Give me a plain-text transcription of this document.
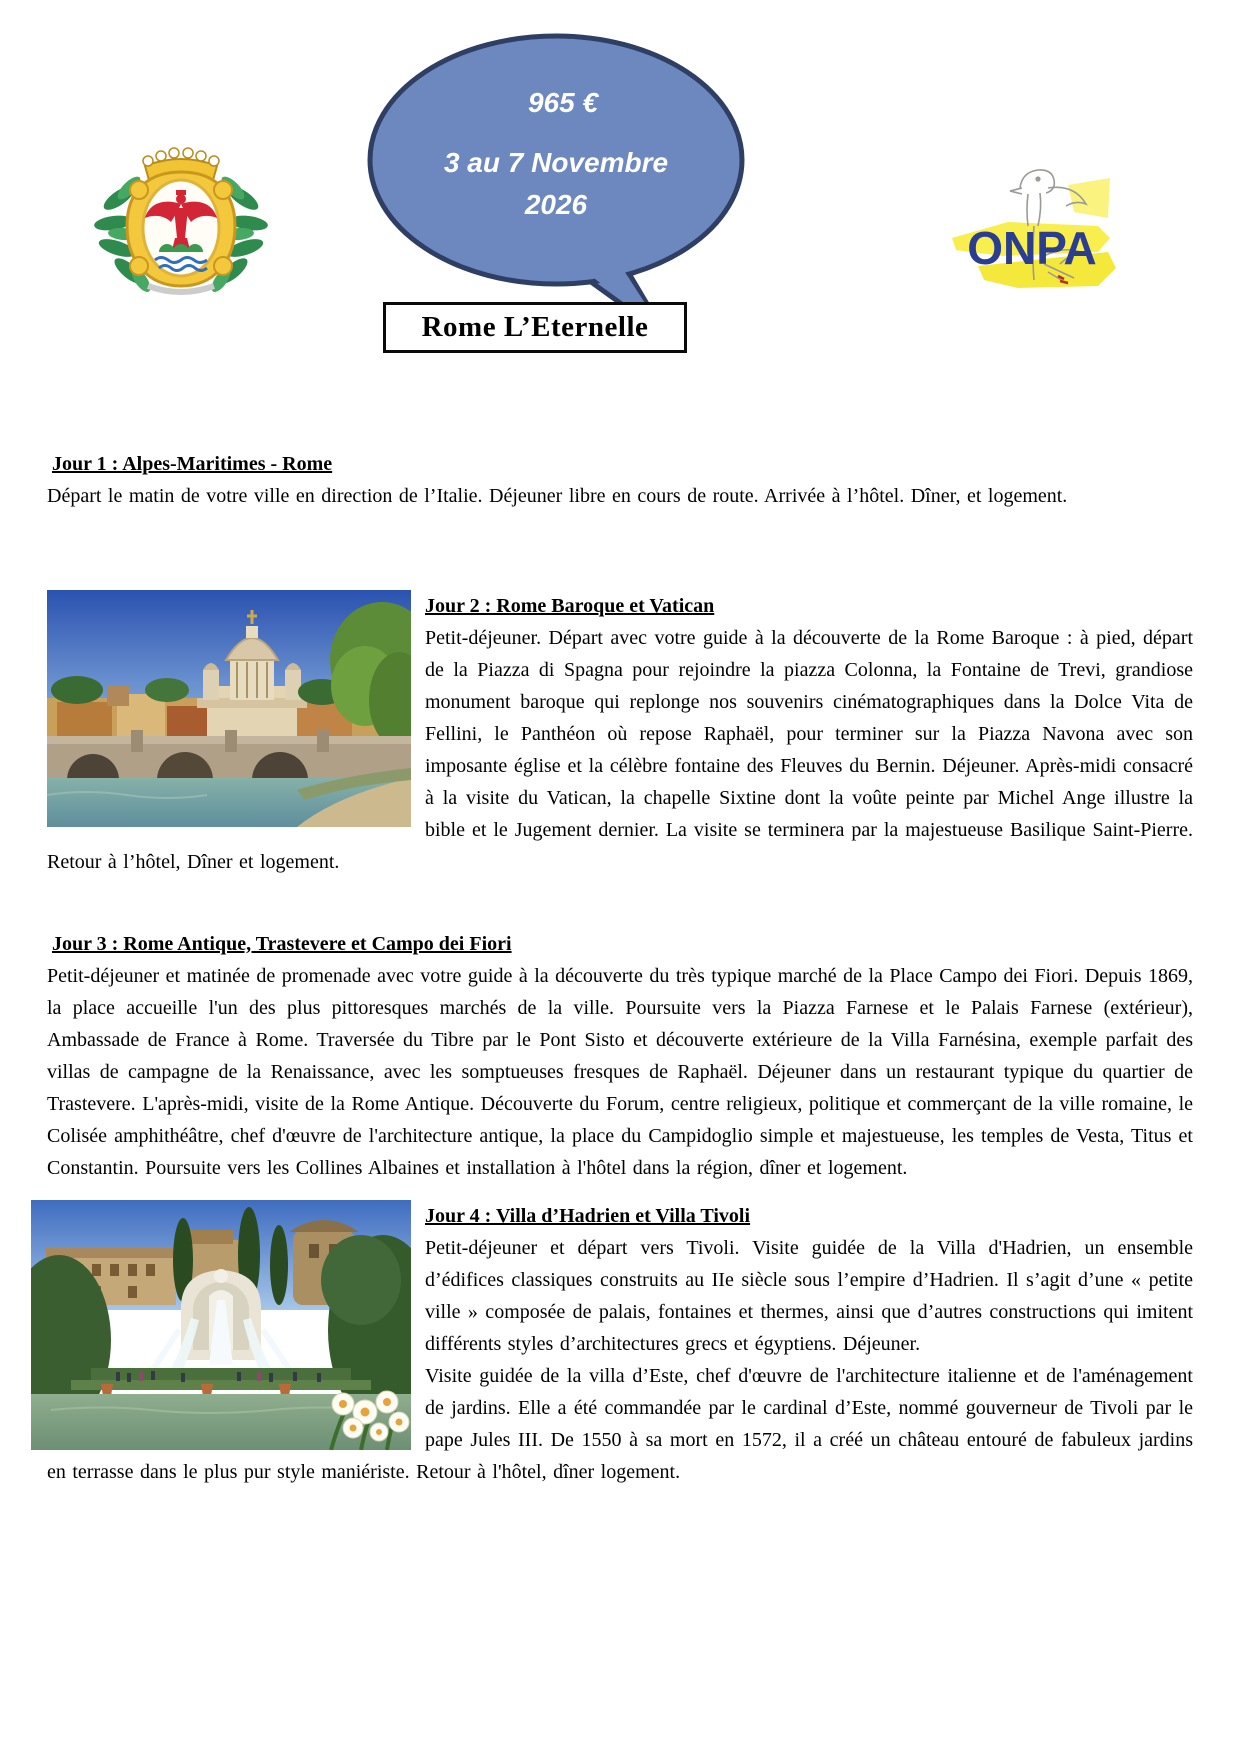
965 €
3 au 7 Novembre
2026
ONPA
Rome L’Eternelle
Jour 1 : Alpes-Maritimes - Rome

Départ le matin de votre ville en direction de l’Italie. Déjeuner libre en cours de route. Arrivée à l’hôtel. Dîner, et logement.

Jour 2 : Rome Baroque et Vatican

Petit-déjeuner. Départ avec votre guide à la découverte de la Rome Baroque : à pied, départ de la Piazza di Spagna pour rejoindre la piazza Colonna, la Fontaine de Trevi, grandiose monument baroque qui replonge nos souvenirs cinématographiques dans la Dolce Vita de Fellini, le Panthéon où repose Raphaël, pour terminer sur la Piazza Navona avec son imposante église et la célèbre fontaine des Fleuves du Bernin. Déjeuner. Après-midi consacré à la visite du Vatican, la chapelle Sixtine dont la voûte peinte par Michel Ange illustre la bible et le Jugement dernier. La visite se terminera par la majestueuse Basilique Saint-Pierre. Retour à l’hôtel, Dîner et logement.

Jour 3 : Rome Antique, Trastevere et Campo dei Fiori

Petit-déjeuner et matinée de promenade avec votre guide à la découverte du très typique marché de la Place Campo dei Fiori. Depuis 1869, la place accueille l'un des plus pittoresques marchés de la ville. Poursuite vers la Piazza Farnese et le Palais Farnese (extérieur), Ambassade de France à Rome. Traversée du Tibre par le Pont Sisto et découverte extérieure de la Villa Farnésina, exemple parfait des villas de campagne de la Renaissance, avec les somptueuses fresques de Raphaël. Déjeuner dans un restaurant typique du quartier de Trastevere. L'après-midi, visite de la Rome Antique. Découverte du Forum, centre religieux, politique et commerçant de la ville romaine, le Colisée amphithéâtre, chef d'œuvre de l'architecture antique, la place du Campidoglio simple et majestueuse, les temples de Vesta, Titus et Constantin. Poursuite vers les Collines Albaines et installation à l'hôtel dans la région, dîner et logement.

Jour 4 : Villa d’Hadrien et Villa Tivoli

Petit-déjeuner et départ vers Tivoli. Visite guidée de la Villa d'Hadrien, un ensemble d’édifices classiques construits au IIe siècle sous l’empire d’Hadrien. Il s’agit d’une « petite ville » composée de palais, fontaines et thermes, ainsi que d’autres constructions qui imitent différents styles d’architectures grecs et égyptiens. Déjeuner.

Visite guidée de la villa d’Este, chef d'œuvre de l'architecture italienne et de l'aménagement de jardins. Elle a été commandée par le cardinal d’Este, nommé gouverneur de Tivoli par le pape Jules III. De 1550 à sa mort en 1572, il a créé un château entouré de fabuleux jardins en terrasse dans le plus pur style maniériste. Retour à l'hôtel, dîner logement.
